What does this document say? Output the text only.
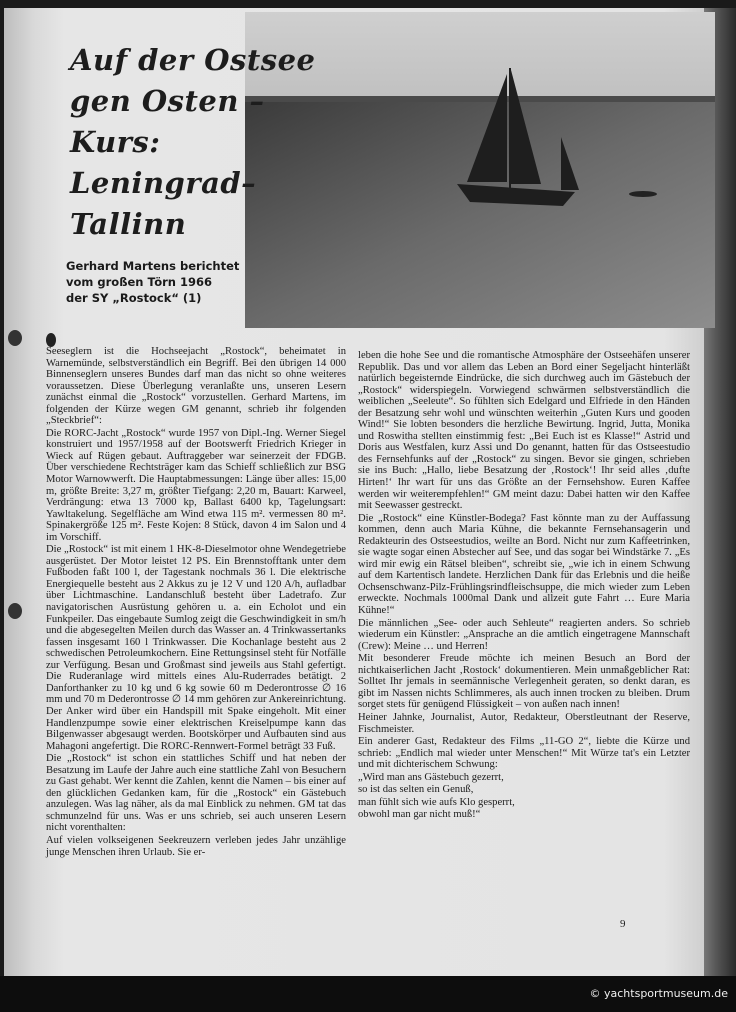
Auf der Ostsee
gen Osten –
Kurs: Leningrad–
Tallinn
Gerhard Martens berichtet
vom großen Törn 1966
der SY „Rostock“ (1)

Seeseglern ist die Hochseejacht „Rostock“, beheimatet in Warnemünde, selbstverständlich ein Begriff. Bei den übrigen 14 000 Binnenseglern unseres Bundes darf man das nicht so ohne weiteres voraussetzen. Diese Überlegung veranlaßte uns, unseren Lesern zunächst einmal die „Rostock“ vorzustellen. Gerhard Martens, im folgenden der Kürze wegen GM genannt, schrieb ihr folgenden „Steckbrief“:

Die RORC-Jacht „Rostock“ wurde 1957 von Dipl.-Ing. Werner Siegel konstruiert und 1957/1958 auf der Bootswerft Friedrich Krieger in Wieck auf Rügen gebaut. Auftraggeber war seinerzeit der FDGB. Über verschiedene Rechtsträger kam das Schieff schließlich zur BSG Motor Warnowwerft. Die Hauptabmessungen: Länge über alles: 15,00 m, größte Breite: 3,27 m, größter Tiefgang: 2,20 m, Bauart: Karweel, Verdrängung: etwa 13 7000 kp, Ballast 6400 kp, Tagelungsart: Yawltakelung. Segelfläche am Wind etwa 115 m². vermessen 80 m². Spinakergröße 125 m². Feste Kojen: 8 Stück, davon 4 im Salon und 4 im Vorschiff.

Die „Rostock“ ist mit einem 1 HK-8-Dieselmotor ohne Wendegetriebe ausgerüstet. Der Motor leistet 12 PS. Ein Brennstofftank unter dem Fußboden faßt 100 l, der Tagestank nochmals 36 l. Die elektrische Energiequelle besteht aus 2 Akkus zu je 12 V und 120 A/h, aufladbar über Lichtmaschine. Landanschluß besteht über Ladetrafo. Zur navigatorischen Ausrüstung gehören u. a. ein Echolot und ein Funkpeiler. Das eingebaute Sumlog zeigt die Geschwindigkeit in sm/h und die abgesegelten Meilen durch das Wasser an. 4 Trinkwassertanks fassen insgesamt 160 l Trinkwasser. Die Kochanlage besteht aus 2 schwedischen Petroleumkochern. Eine Rettungsinsel steht für Notfälle zur Verfügung. Besan und Großmast sind jeweils aus Stahl gefertigt. Die Ruderanlage wird mittels eines Alu-Ruderrades betätigt. 2 Danforthanker zu 10 kg und 6 kg sowie 60 m Dederontrosse ∅ 16 mm und 70 m Dederontrosse ∅ 14 mm gehören zur Ankereinrichtung. Der Anker wird über ein Handspill mit Spake eingeholt. Mit einer Handlenzpumpe sowie einer elektrischen Kreiselpumpe kann das Bilgenwasser abgesaugt werden. Bootskörper und Aufbauten sind aus Mahagoni angefertigt. Die RORC-Rennwert-Formel beträgt 33 Fuß.

Die „Rostock“ ist schon ein stattliches Schiff und hat neben der Besatzung im Laufe der Jahre auch eine stattliche Zahl von Besuchern zu Gast gehabt. Wer kennt die Zahlen, kennt die Namen – bis einer auf den glücklichen Gedanken kam, für die „Rostock“ ein Gästebuch anzulegen. Was lag näher, als da mal Einblick zu nehmen. GM tat das schmunzelnd für uns. Was er uns schrieb, sei auch unseren Lesern nicht vorenthalten:

Auf vielen volkseigenen Seekreuzern verleben jedes Jahr unzählige junge Menschen ihren Urlaub. Sie er-

leben die hohe See und die romantische Atmosphäre der Ostseehäfen unserer Republik. Das und vor allem das Leben an Bord einer Segeljacht hinterläßt natürlich begeisternde Eindrücke, die sich durchweg auch im Gästebuch der „Rostock“ widerspiegeln. Vorwiegend schwärmen selbstverständlich die weiblichen „Seeleute“. So fühlten sich Edelgard und Elfriede in den Händen der Besatzung sehr wohl und wünschten weiterhin „Guten Kurs und gooden Wind!“ Sie lobten besonders die herzliche Bewirtung. Ingrid, Jutta, Monika und Roswitha stellten einstimmig fest: „Bei Euch ist es Klasse!“ Astrid und Doris aus Westfalen, kurz Assi und Do genannt, hatten für das Ostseestudio des Fernsehfunks auf der „Rostock“ zu singen. Bevor sie gingen, schrieben sie ins Buch: „Hallo, liebe Besatzung der ‚Rostock‘! Ihr seid alles ‚dufte Hirten!‘ Ihr wart für uns das Größte an der Fernsehshow. Euren Kaffee werden wir weiterempfehlen!“ GM meint dazu: Dabei hatten wir den Kaffee mit Seewasser gestreckt.

Die „Rostock“ eine Künstler-Bodega? Fast könnte man zu der Auffassung kommen, denn auch Maria Kühne, die bekannte Fernsehansagerin und Redakteurin des Ostseestudios, weilte an Bord. Nicht nur zum Kaffeetrinken, sie wagte sogar einen Abstecher auf See, und das sogar bei Windstärke 7. „Es wird mir ewig ein Rätsel bleiben“, schreibt sie, „wie ich in einem Schwung auf dem Kartentisch landete. Herzlichen Dank für das Erlebnis und die heiße Ochsenschwanz-Pilz-Frühlingsrindfleischsuppe, die mich wieder zum Leben erweckte. Nochmals 1000mal Dank und allzeit gute Fahrt … Eure Maria Kühne!“

Die männlichen „See- oder auch Sehleute“ reagierten anders. So schrieb wiederum ein Künstler: „Ansprache an die amtlich eingetragene Mannschaft (Crew): Meine … und Herren!

Mit besonderer Freude möchte ich meinen Besuch an Bord der nichtkaiserlichen Jacht ‚Rostock‘ dokumentieren. Mein unmaßgeblicher Rat: Solltet Ihr jemals in seemännische Verlegenheit geraten, so denkt daran, es gibt im Nassen nichts Schlimmeres, als auch innen trocken zu bleiben. Drum sorget stets für genügend Flüssigkeit – von außen nach innen!

Heiner Jahnke, Journalist, Autor, Redakteur, Oberstleutnant der Reserve, Fischmeister.

Ein anderer Gast, Redakteur des Films „11-GO 2“, liebte die Kürze und schrieb: „Endlich mal wieder unter Menschen!“ Mit Würze tat's ein Letzter und mit dichterischem Schwung:

„Wird man ans Gästebuch gezerrt,

so ist das selten ein Genuß,

man fühlt sich wie aufs Klo gesperrt,

obwohl man gar nicht muß!“

9
© yachtsportmuseum.de
